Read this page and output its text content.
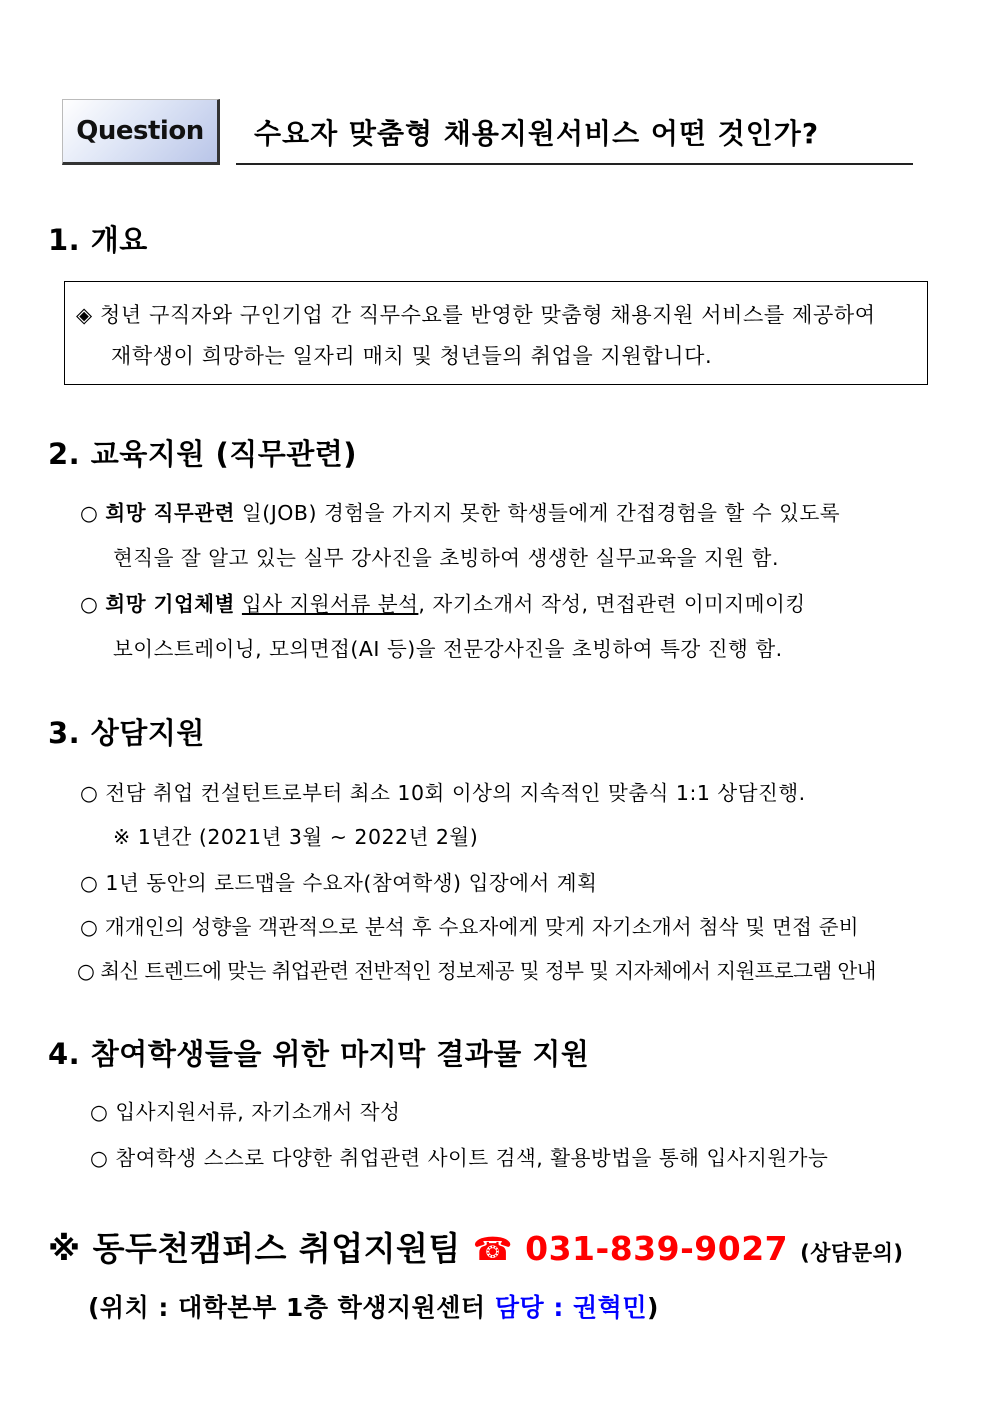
Question 수요자 맞춤형 채용지원서비스 어떤 것인가?
1. 개요
◈ 청년 구직자와 구인기업 간 직무수요를 반영한 맞춤형 채용지원 서비스를 제공하여
재학생이 희망하는 일자리 매치 및 청년들의 취업을 지원합니다.
2. 교육지원 (직무관련)
○ 희망 직무관련 일(JOB) 경험을 가지지 못한 학생들에게 간접경험을 할 수 있도록
현직을 잘 알고 있는 실무 강사진을 초빙하여 생생한 실무교육을 지원 함.
○ 희망 기업체별 입사 지원서류 분석, 자기소개서 작성, 면접관련 이미지메이킹
보이스트레이닝, 모의면접(AI 등)을 전문강사진을 초빙하여 특강 진행 함.
3. 상담지원
○ 전담 취업 컨설턴트로부터 최소 10회 이상의 지속적인 맞춤식 1:1 상담진행.
※ 1년간 (2021년 3월 ~ 2022년 2월)
○ 1년 동안의 로드맵을 수요자(참여학생) 입장에서 계획
○ 개개인의 성향을 객관적으로 분석 후 수요자에게 맞게 자기소개서 첨삭 및 면접 준비
○ 최신 트렌드에 맞는 취업관련 전반적인 정보제공 및 정부 및 지자체에서 지원프로그램 안내
4. 참여학생들을 위한 마지막 결과물 지원
○ 입사지원서류, 자기소개서 작성
○ 참여학생 스스로 다양한 취업관련 사이트 검색, 활용방법을 통해 입사지원가능
※ 동두천캠퍼스 취업지원팀 ☎ 031-839-9027 (상담문의)
(위치 : 대학본부 1층 학생지원센터 담당 : 권혁민)
